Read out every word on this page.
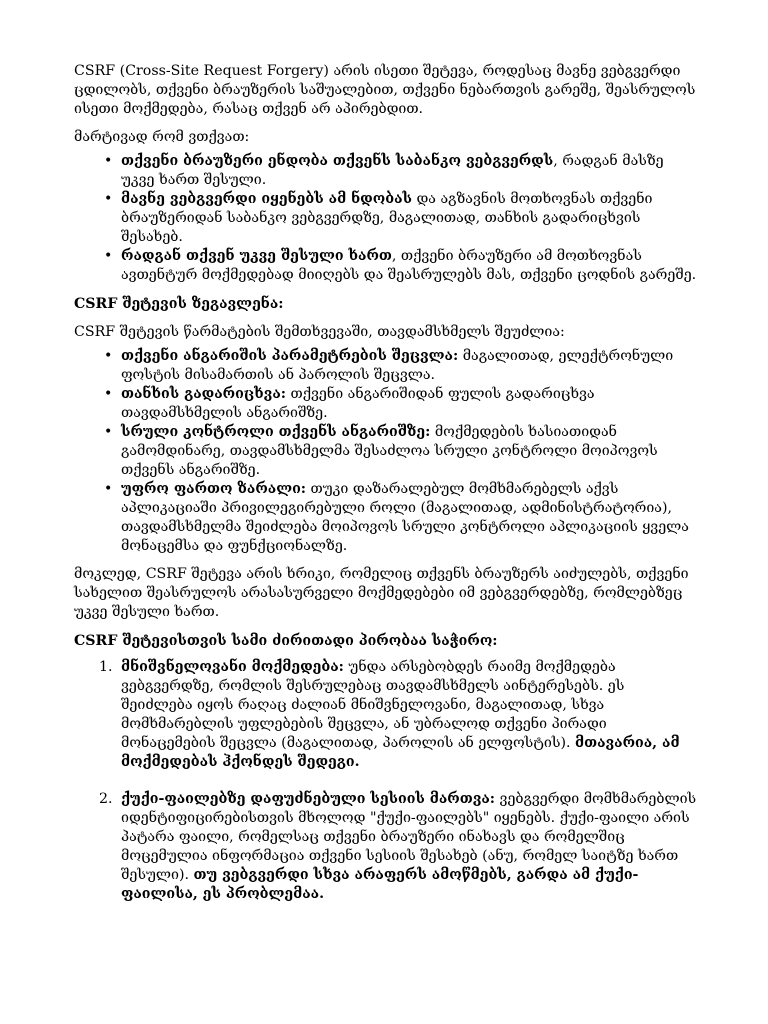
CSRF (Cross-Site Request Forgery) არის ისეთი შეტევა, როდესაც მავნე ვებგვერდი ცდილობს, თქვენი ბრაუზერის საშუალებით, თქვენი ნებართვის გარეშე, შეასრულოს ისეთი მოქმედება, რასაც თქვენ არ აპირებდით.

მარტივად რომ ვთქვათ:

• თქვენი ბრაუზერი ენდობა თქვენს საბანკო ვებგვერდს, რადგან მასზე უკვე ხართ შესული.
• მავნე ვებგვერდი იყენებს ამ ნდობას და აგზავნის მოთხოვნას თქვენი ბრაუზერიდან საბანკო ვებგვერდზე, მაგალითად, თანხის გადარიცხვის შესახებ.
• რადგან თქვენ უკვე შესული ხართ, თქვენი ბრაუზერი ამ მოთხოვნას ავთენტურ მოქმედებად მიიღებს და შეასრულებს მას, თქვენი ცოდნის გარეშე.

CSRF შეტევის ზეგავლენა:

CSRF შეტევის წარმატების შემთხვევაში, თავდამსხმელს შეუძლია:

• თქვენი ანგარიშის პარამეტრების შეცვლა: მაგალითად, ელექტრონული ფოსტის მისამართის ან პაროლის შეცვლა.
• თანხის გადარიცხვა: თქვენი ანგარიშიდან ფულის გადარიცხვა თავდამსხმელის ანგარიშზე.
• სრული კონტროლი თქვენს ანგარიშზე: მოქმედების ხასიათიდან გამომდინარე, თავდამსხმელმა შესაძლოა სრული კონტროლი მოიპოვოს თქვენს ანგარიშზე.
• უფრო ფართო ზარალი: თუკი დაზარალებულ მომხმარებელს აქვს აპლიკაციაში პრივილეგირებული როლი (მაგალითად, ადმინისტრატორია), თავდამსხმელმა შეიძლება მოიპოვოს სრული კონტროლი აპლიკაციის ყველა მონაცემსა და ფუნქციონალზე.

მოკლედ, CSRF შეტევა არის ხრიკი, რომელიც თქვენს ბრაუზერს აიძულებს, თქვენი სახელით შეასრულოს არასასურველი მოქმედებები იმ ვებგვერდებზე, რომლებზეც უკვე შესული ხართ.

CSRF შეტევისთვის სამი ძირითადი პირობაა საჭირო:

1. მნიშვნელოვანი მოქმედება: უნდა არსებობდეს რაიმე მოქმედება ვებგვერდზე, რომლის შესრულებაც თავდამსხმელს აინტერესებს. ეს შეიძლება იყოს რაღაც ძალიან მნიშვნელოვანი, მაგალითად, სხვა მომხმარებლის უფლებების შეცვლა, ან უბრალოდ თქვენი პირადი მონაცემების შეცვლა (მაგალითად, პაროლის ან ელფოსტის). მთავარია, ამ მოქმედებას ჰქონდეს შედეგი.
2. ქუქი-ფაილებზე დაფუძნებული სესიის მართვა: ვებგვერდი მომხმარებლის იდენტიფიცირებისთვის მხოლოდ "ქუქი-ფაილებს" იყენებს. ქუქი-ფაილი არის პატარა ფაილი, რომელსაც თქვენი ბრაუზერი ინახავს და რომელშიც მოცემულია ინფორმაცია თქვენი სესიის შესახებ (ანუ, რომელ საიტზე ხართ შესული). თუ ვებგვერდი სხვა არაფერს ამოწმებს, გარდა ამ ქუქი-ფაილისა, ეს პრობლემაა.
